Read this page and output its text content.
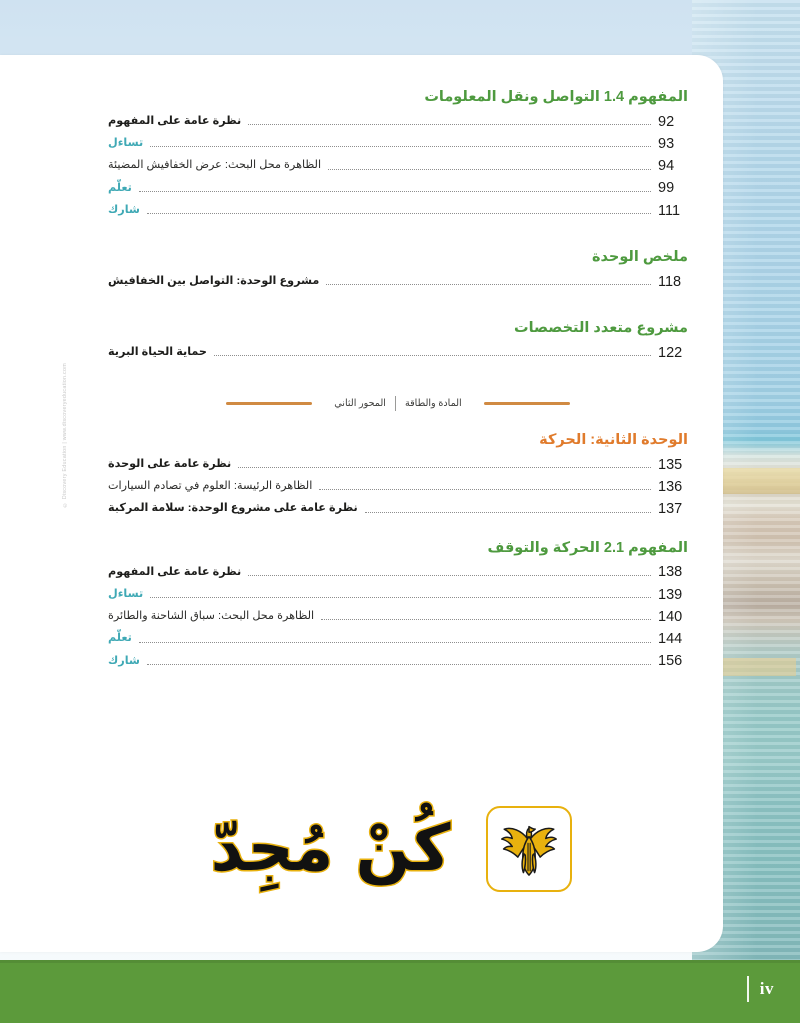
© Discovery Education | www.discoveryeducation.com
المفهوم 1.4 التواصل ونقل المعلومات
نظرة عامة على المفهوم	92
تساءل	93
الظاهرة محل البحث: عرض الخفافيش المضيئة	94
تعلّم	99
شارك	111
ملخص الوحدة
مشروع الوحدة: التواصل بين الخفافيش	118
مشروع متعدد التخصصات
حماية الحياة البرية	122
المحور الثاني المادة والطاقة
الوحدة الثانية: الحركة
نظرة عامة على الوحدة	135
الظاهرة الرئيسة: العلوم في تصادم السيارات	136
نظرة عامة على مشروع الوحدة: سلامة المركبة	137
المفهوم 2.1 الحركة والتوقف
نظرة عامة على المفهوم	138
تساءل	139
الظاهرة محل البحث: سباق الشاحنة والطائرة	140
تعلّم	144
شارك	156
كُنْ مُجِدّ
iv
